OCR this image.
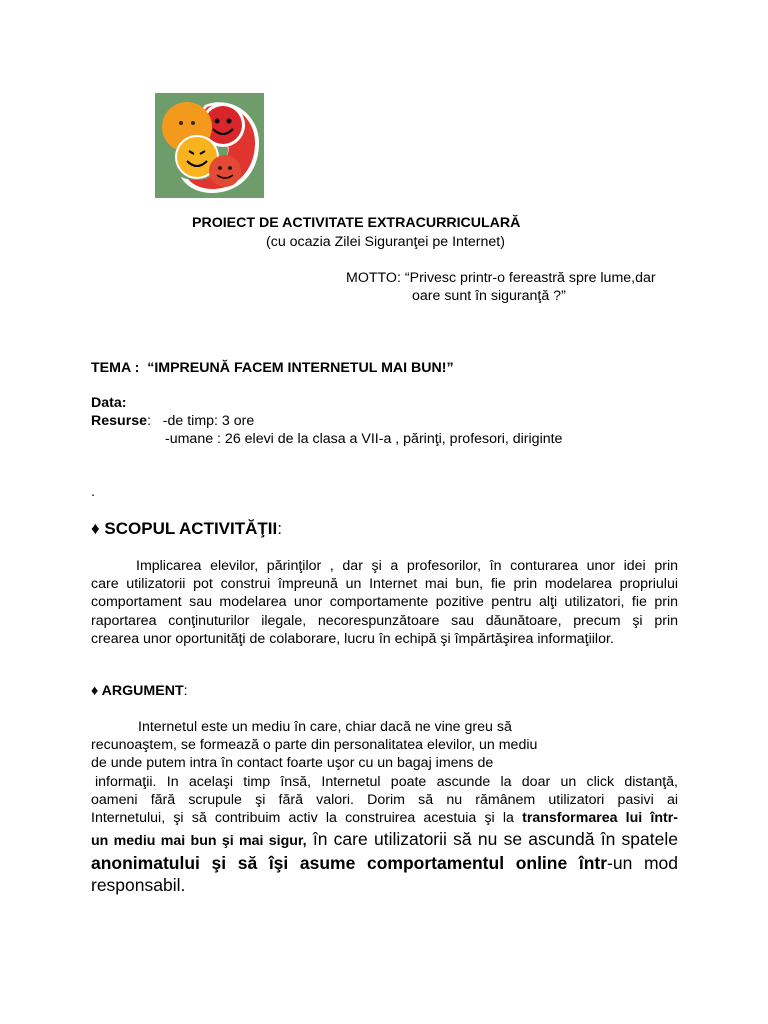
PROIECT DE ACTIVITATE EXTRACURRICULARĂ
(cu ocazia Zilei Siguranţei pe Internet)
MOTTO: “Privesc printr-o fereastră spre lume,dar
oare sunt în siguranţă ?”
TEMA : “IMPREUNĂ FACEM INTERNETUL MAI BUN!”
Data:
Resurse:   -de timp: 3 ore
-umane : 26 elevi de la clasa a VII-a , părinţi, profesori, diriginte
.
♦ SCOPUL ACTIVITĂŢII:
Implicarea elevilor, părinţilor , dar şi a profesorilor, în conturarea unor idei prin
care utilizatorii pot construi împreună un Internet mai bun, fie prin modelarea propriului
comportament sau modelarea unor comportamente pozitive pentru alţi utilizatori, fie prin
raportarea conţinuturilor ilegale, necorespunzătoare sau dăunătoare, precum şi prin
crearea unor oportunităţi de colaborare, lucru în echipă şi împărtăşirea informaţiilor.
♦ ARGUMENT:
Internetul este un mediu în care, chiar dacă ne vine greu să
recunoaştem, se formează o parte din personalitatea elevilor, un mediu
de unde putem intra în contact foarte uşor cu un bagaj imens de
informaţii. In acelaşi timp însă, Internetul poate ascunde la doar un click distanţă,
oameni fără scrupule şi fără valori. Dorim să nu rămânem utilizatori pasivi ai
Internetului, şi să contribuim activ la construirea acestuia şi la transformarea lui într-
un mediu mai bun şi mai sigur, în care utilizatorii să nu se ascundă în spatele
anonimatului şi să îşi asume comportamentul online într-un mod
responsabil.
